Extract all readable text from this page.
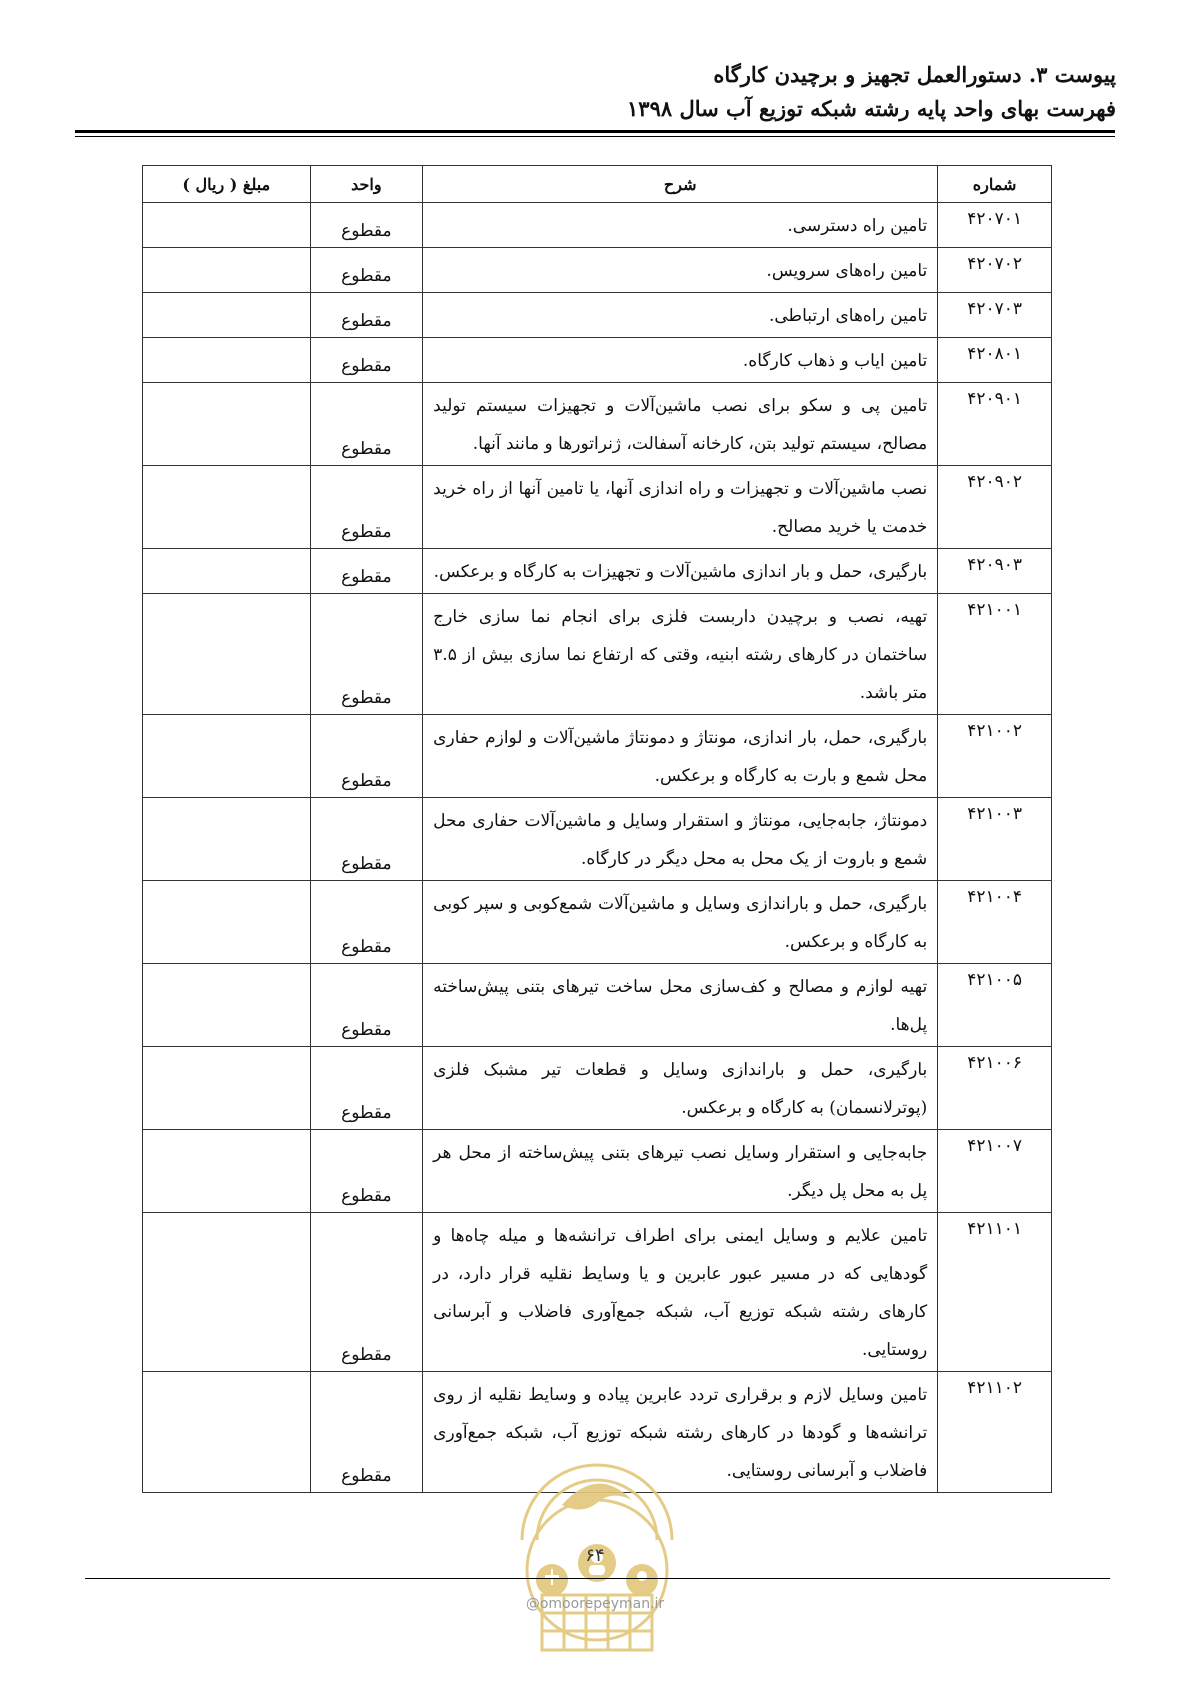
پیوست ۳. دستورالعمل تجهیز و برچیدن کارگاه
فهرست بهای واحد پایه رشته شبکه توزیع آب سال ۱۳۹۸
شماره	شرح	واحد	مبلغ ( ریال )
۴۲۰۷۰۱	تامین راه دسترسی.	مقطوع	
۴۲۰۷۰۲	تامین راه‌های سرویس.	مقطوع	
۴۲۰۷۰۳	تامین راه‌های ارتباطی.	مقطوع	
۴۲۰۸۰۱	تامین ایاب و ذهاب کارگاه.	مقطوع	
۴۲۰۹۰۱	تامین پی و سکو برای نصب ماشین‌آلات و تجهیزات سیستم تولید مصالح، سیستم تولید بتن، کارخانه آسفالت، ژنراتورها و مانند آنها.	مقطوع	
۴۲۰۹۰۲	نصب ماشین‌آلات و تجهیزات و راه اندازی آنها، یا تامین آنها از راه خرید خدمت یا خرید مصالح.	مقطوع	
۴۲۰۹۰۳	بارگیری، حمل و بار اندازی ماشین‌آلات و تجهیزات به کارگاه و برعکس.	مقطوع	
۴۲۱۰۰۱	تهیه، نصب و برچیدن داربست فلزی برای انجام نما سازی خارج ساختمان در کارهای رشته ابنیه، وقتی که ارتفاع نما سازی بیش از ۳.۵ متر باشد.	مقطوع	
۴۲۱۰۰۲	بارگیری، حمل، بار اندازی، مونتاژ و دمونتاژ ماشین‌آلات و لوازم حفاری محل شمع و بارت به کارگاه و برعکس.	مقطوع	
۴۲۱۰۰۳	دمونتاژ، جابه‌جایی، مونتاژ و استقرار وسایل و ماشین‌آلات حفاری محل شمع و باروت از یک محل به محل دیگر در کارگاه.	مقطوع	
۴۲۱۰۰۴	بارگیری، حمل و باراندازی وسایل و ماشین‌آلات شمع‌کوبی و سپر کوبی به کارگاه و برعکس.	مقطوع	
۴۲۱۰۰۵	تهیه لوازم و مصالح و کف‌سازی محل ساخت تیرهای بتنی پیش‌ساخته پل‌ها.	مقطوع	
۴۲۱۰۰۶	بارگیری، حمل و باراندازی وسایل و قطعات تیر مشبک فلزی (پوترلانسمان) به کارگاه و برعکس.	مقطوع	
۴۲۱۰۰۷	جابه‌جایی و استقرار وسایل نصب تیرهای بتنی پیش‌ساخته از محل هر پل به محل پل دیگر.	مقطوع	
۴۲۱۱۰۱	تامین علایم و وسایل ایمنی برای اطراف ترانشه‌ها و میله چاه‌ها و گودهایی که در مسیر عبور عابرین و یا وسایط نقلیه قرار دارد، در کارهای رشته شبکه توزیع آب، شبکه جمع‌آوری فاضلاب و آبرسانی روستایی.	مقطوع	
۴۲۱۱۰۲	تامین وسایل لازم و برقراری تردد عابرین پیاده و وسایط نقلیه از روی ترانشه‌ها و گودها در کارهای رشته شبکه توزیع آب، شبکه جمع‌آوری فاضلاب و آبرسانی روستایی.	مقطوع	
۶۴
@omoorepeyman.ir
